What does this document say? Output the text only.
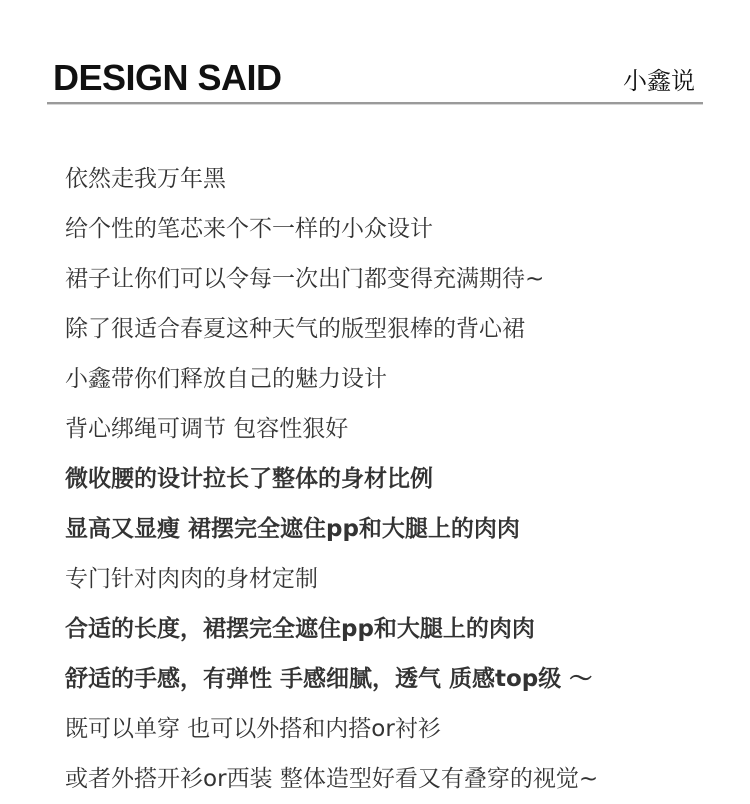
DESIGN SAID	小鑫说
依然走我万年黑
给个性的笔芯来个不一样的小众设计
裙子让你们可以令每一次出门都变得充满期待~
除了很适合春夏这种天气的版型狠棒的背心裙
小鑫带你们释放自己的魅力设计
背心绑绳可调节 包容性狠好
微收腰的设计拉长了整体的身材比例
显高又显瘦 裙摆完全遮住pp和大腿上的肉肉
专门针对肉肉的身材定制
合适的长度，裙摆完全遮住pp和大腿上的肉肉
舒适的手感，有弹性 手感细腻，透气 质感top级 ～
既可以单穿 也可以外搭和内搭or衬衫
或者外搭开衫or西装 整体造型好看又有叠穿的视觉~
